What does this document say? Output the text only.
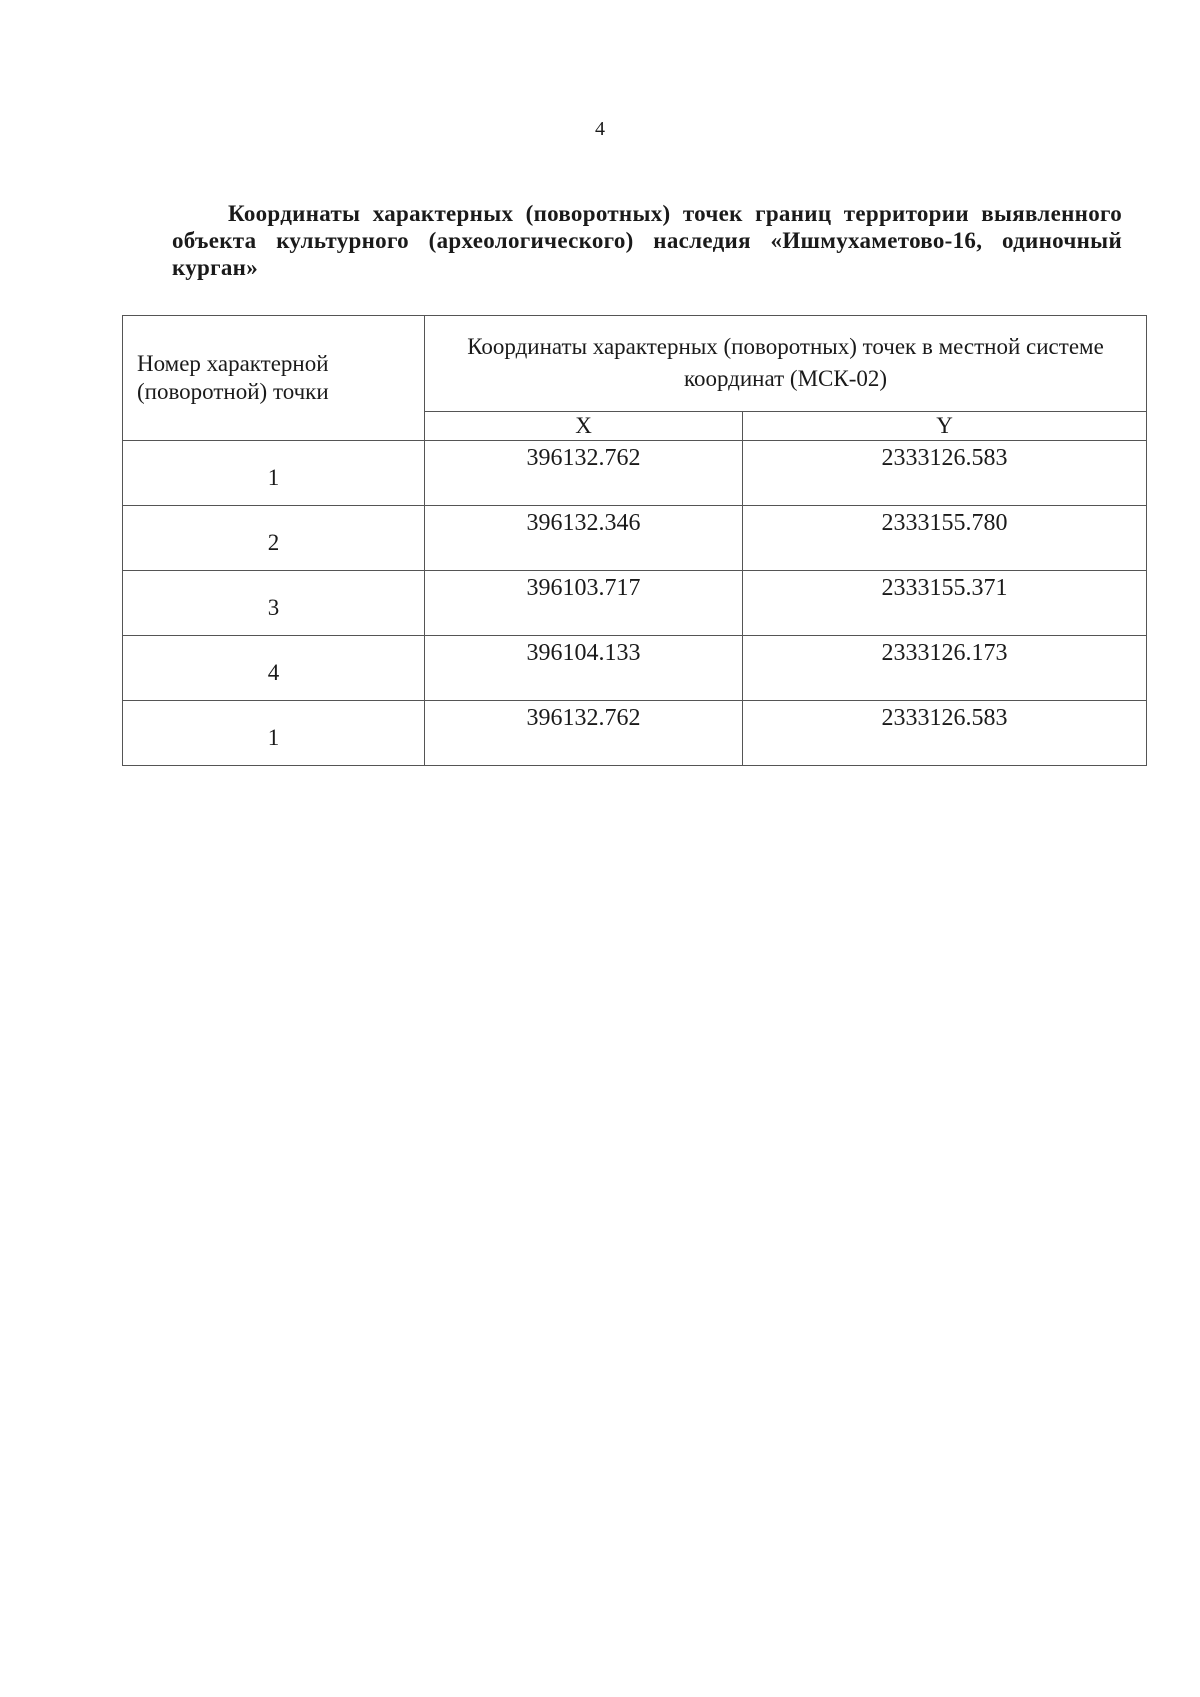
4

Координаты характерных (поворотных) точек границ территории выявленного объекта культурного (археологического) наследия «Ишмухаметово-16, одиночный курган»

Номер характерной (поворотной) точки	Координаты характерных (поворотных) точек в местной системе координат (МСК-02)	
	X	Y
1	396132.762	2333126.583
2	396132.346	2333155.780
3	396103.717	2333155.371
4	396104.133	2333126.173
1	396132.762	2333126.583
